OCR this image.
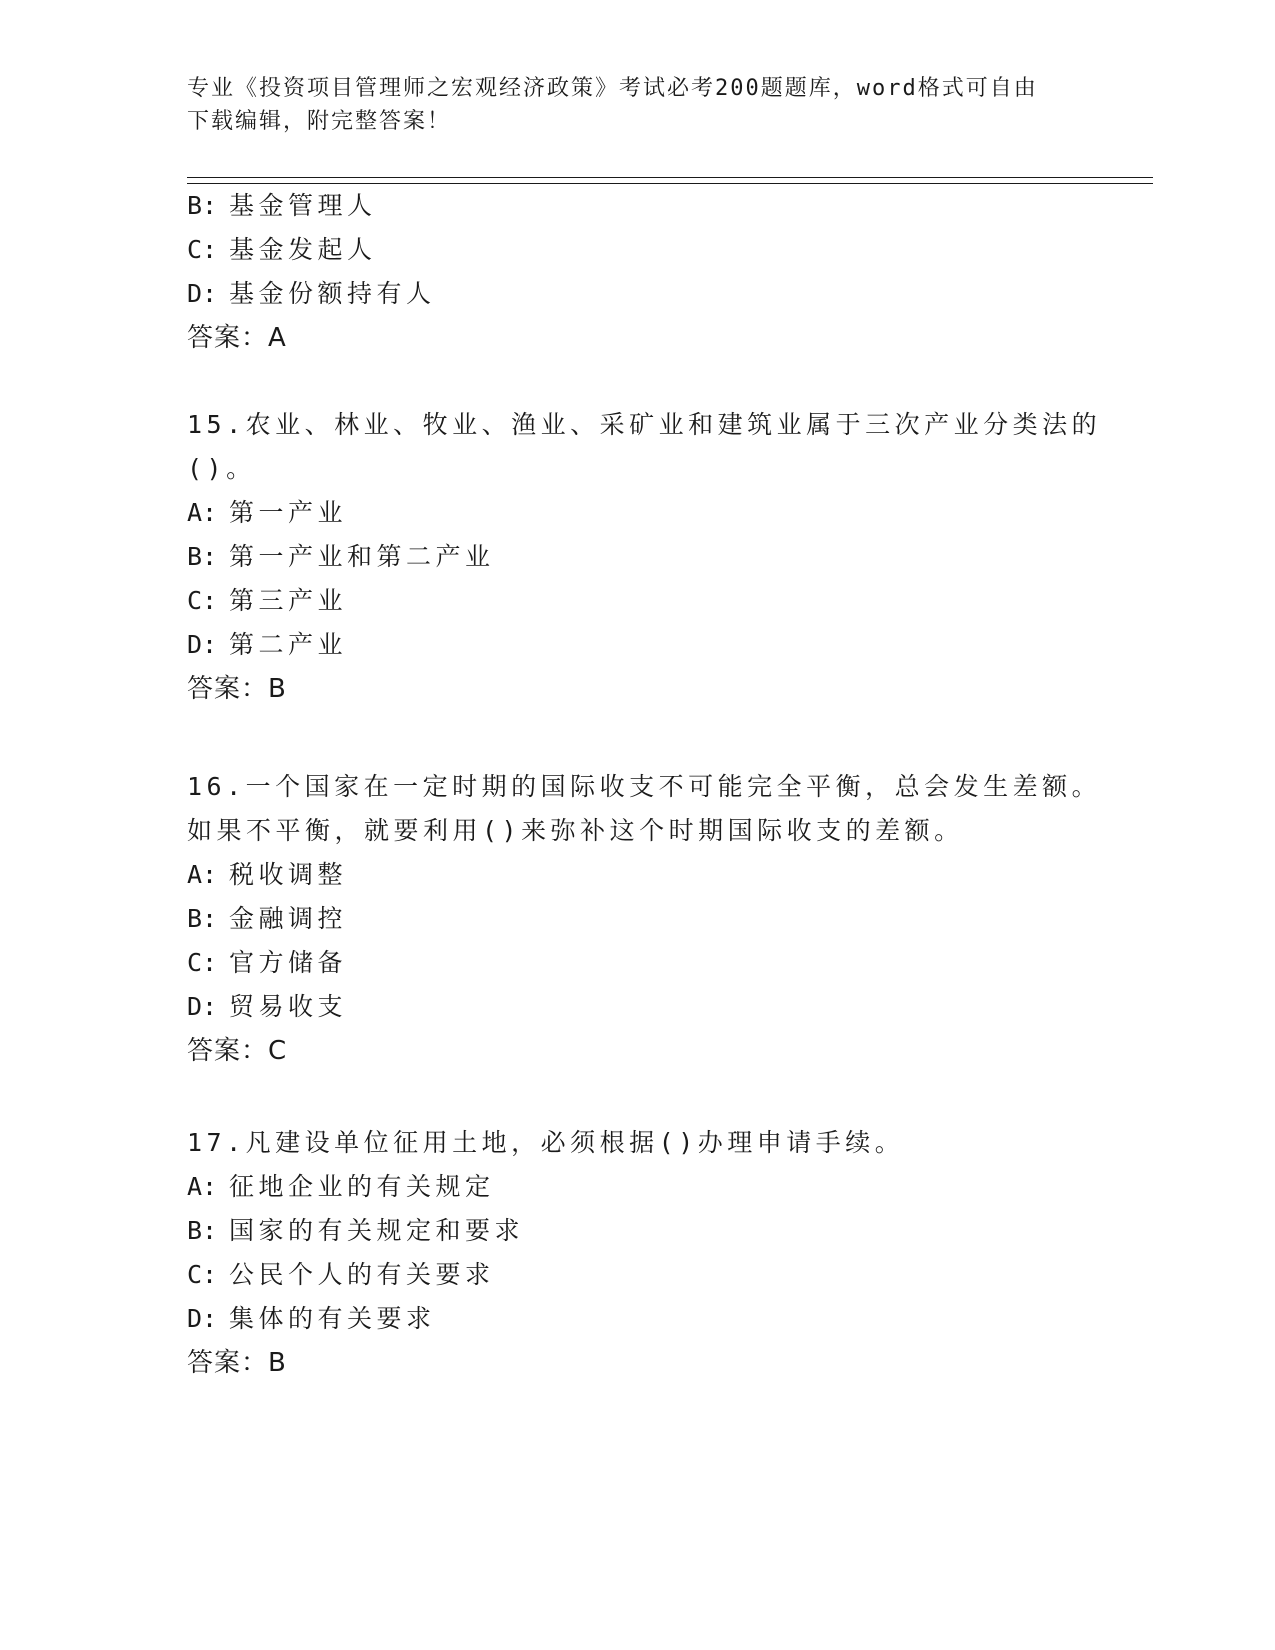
专业《投资项目管理师之宏观经济政策》考试必考200题题库，word格式可自由
下载编辑，附完整答案！
B: 基金管理人
C: 基金发起人
D: 基金份额持有人
答案：A
15.农业、林业、牧业、渔业、采矿业和建筑业属于三次产业分类法的
()。
A: 第一产业
B: 第一产业和第二产业
C: 第三产业
D: 第二产业
答案：B
16.一个国家在一定时期的国际收支不可能完全平衡，总会发生差额。
如果不平衡，就要利用()来弥补这个时期国际收支的差额。
A: 税收调整
B: 金融调控
C: 官方储备
D: 贸易收支
答案：C
17.凡建设单位征用土地，必须根据()办理申请手续。
A: 征地企业的有关规定
B: 国家的有关规定和要求
C: 公民个人的有关要求
D: 集体的有关要求
答案：B
